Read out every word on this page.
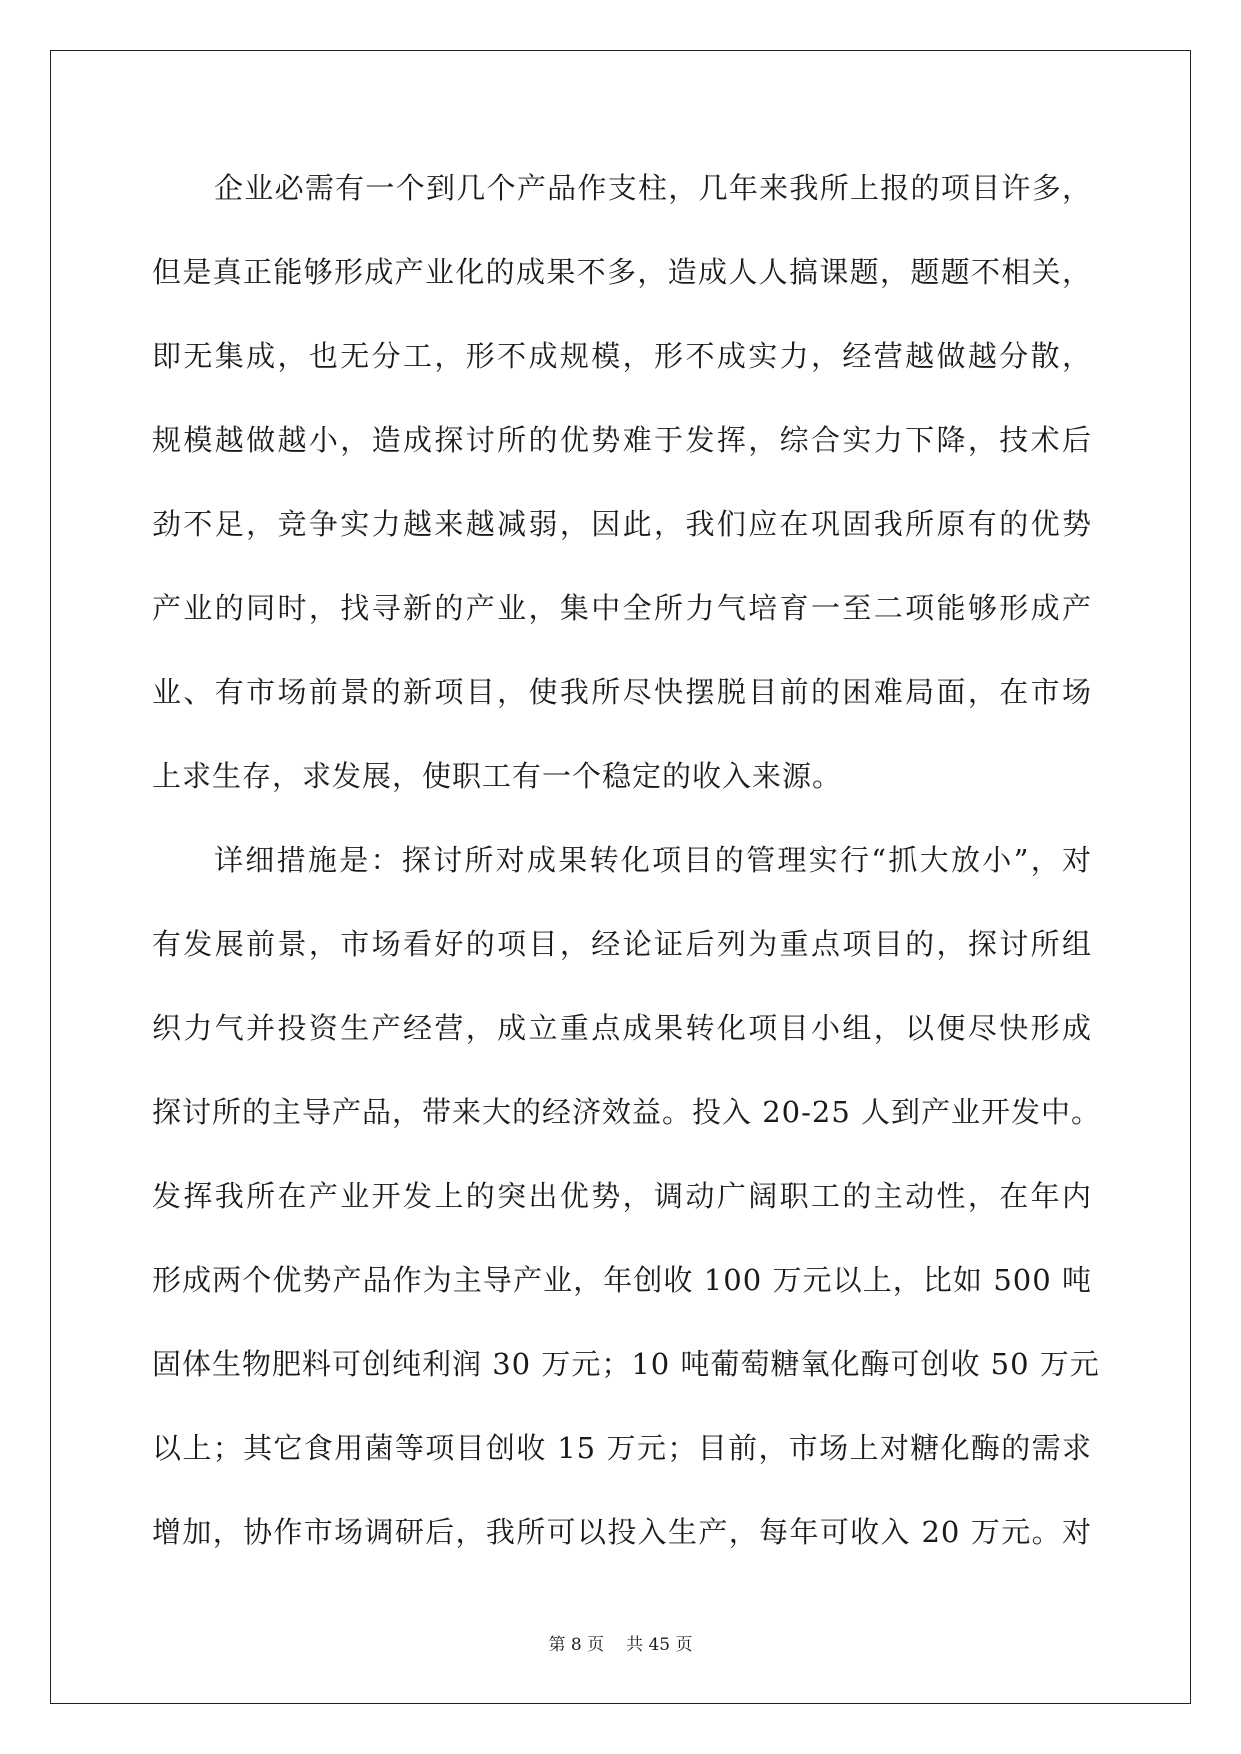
企业必需有一个到几个产品作支柱，几年来我所上报的项目许多，
但是真正能够形成产业化的成果不多，造成人人搞课题，题题不相关，
即无集成，也无分工，形不成规模，形不成实力，经营越做越分散，
规模越做越小，造成探讨所的优势难于发挥，综合实力下降，技术后
劲不足，竞争实力越来越减弱，因此，我们应在巩固我所原有的优势
产业的同时，找寻新的产业，集中全所力气培育一至二项能够形成产
业、有市场前景的新项目，使我所尽快摆脱目前的困难局面，在市场
上求生存，求发展，使职工有一个稳定的收入来源。
详细措施是：探讨所对成果转化项目的管理实行“抓大放小”，对
有发展前景，市场看好的项目，经论证后列为重点项目的，探讨所组
织力气并投资生产经营，成立重点成果转化项目小组，以便尽快形成
探讨所的主导产品，带来大的经济效益。投入 20-25 人到产业开发中。
发挥我所在产业开发上的突出优势，调动广阔职工的主动性，在年内
形成两个优势产品作为主导产业，年创收 100 万元以上，比如 500 吨
固体生物肥料可创纯利润 30 万元；10 吨葡萄糖氧化酶可创收 50 万元
以上；其它食用菌等项目创收 15 万元；目前，市场上对糖化酶的需求
增加，协作市场调研后，我所可以投入生产，每年可收入 20 万元。对
第 8 页 共 45 页
